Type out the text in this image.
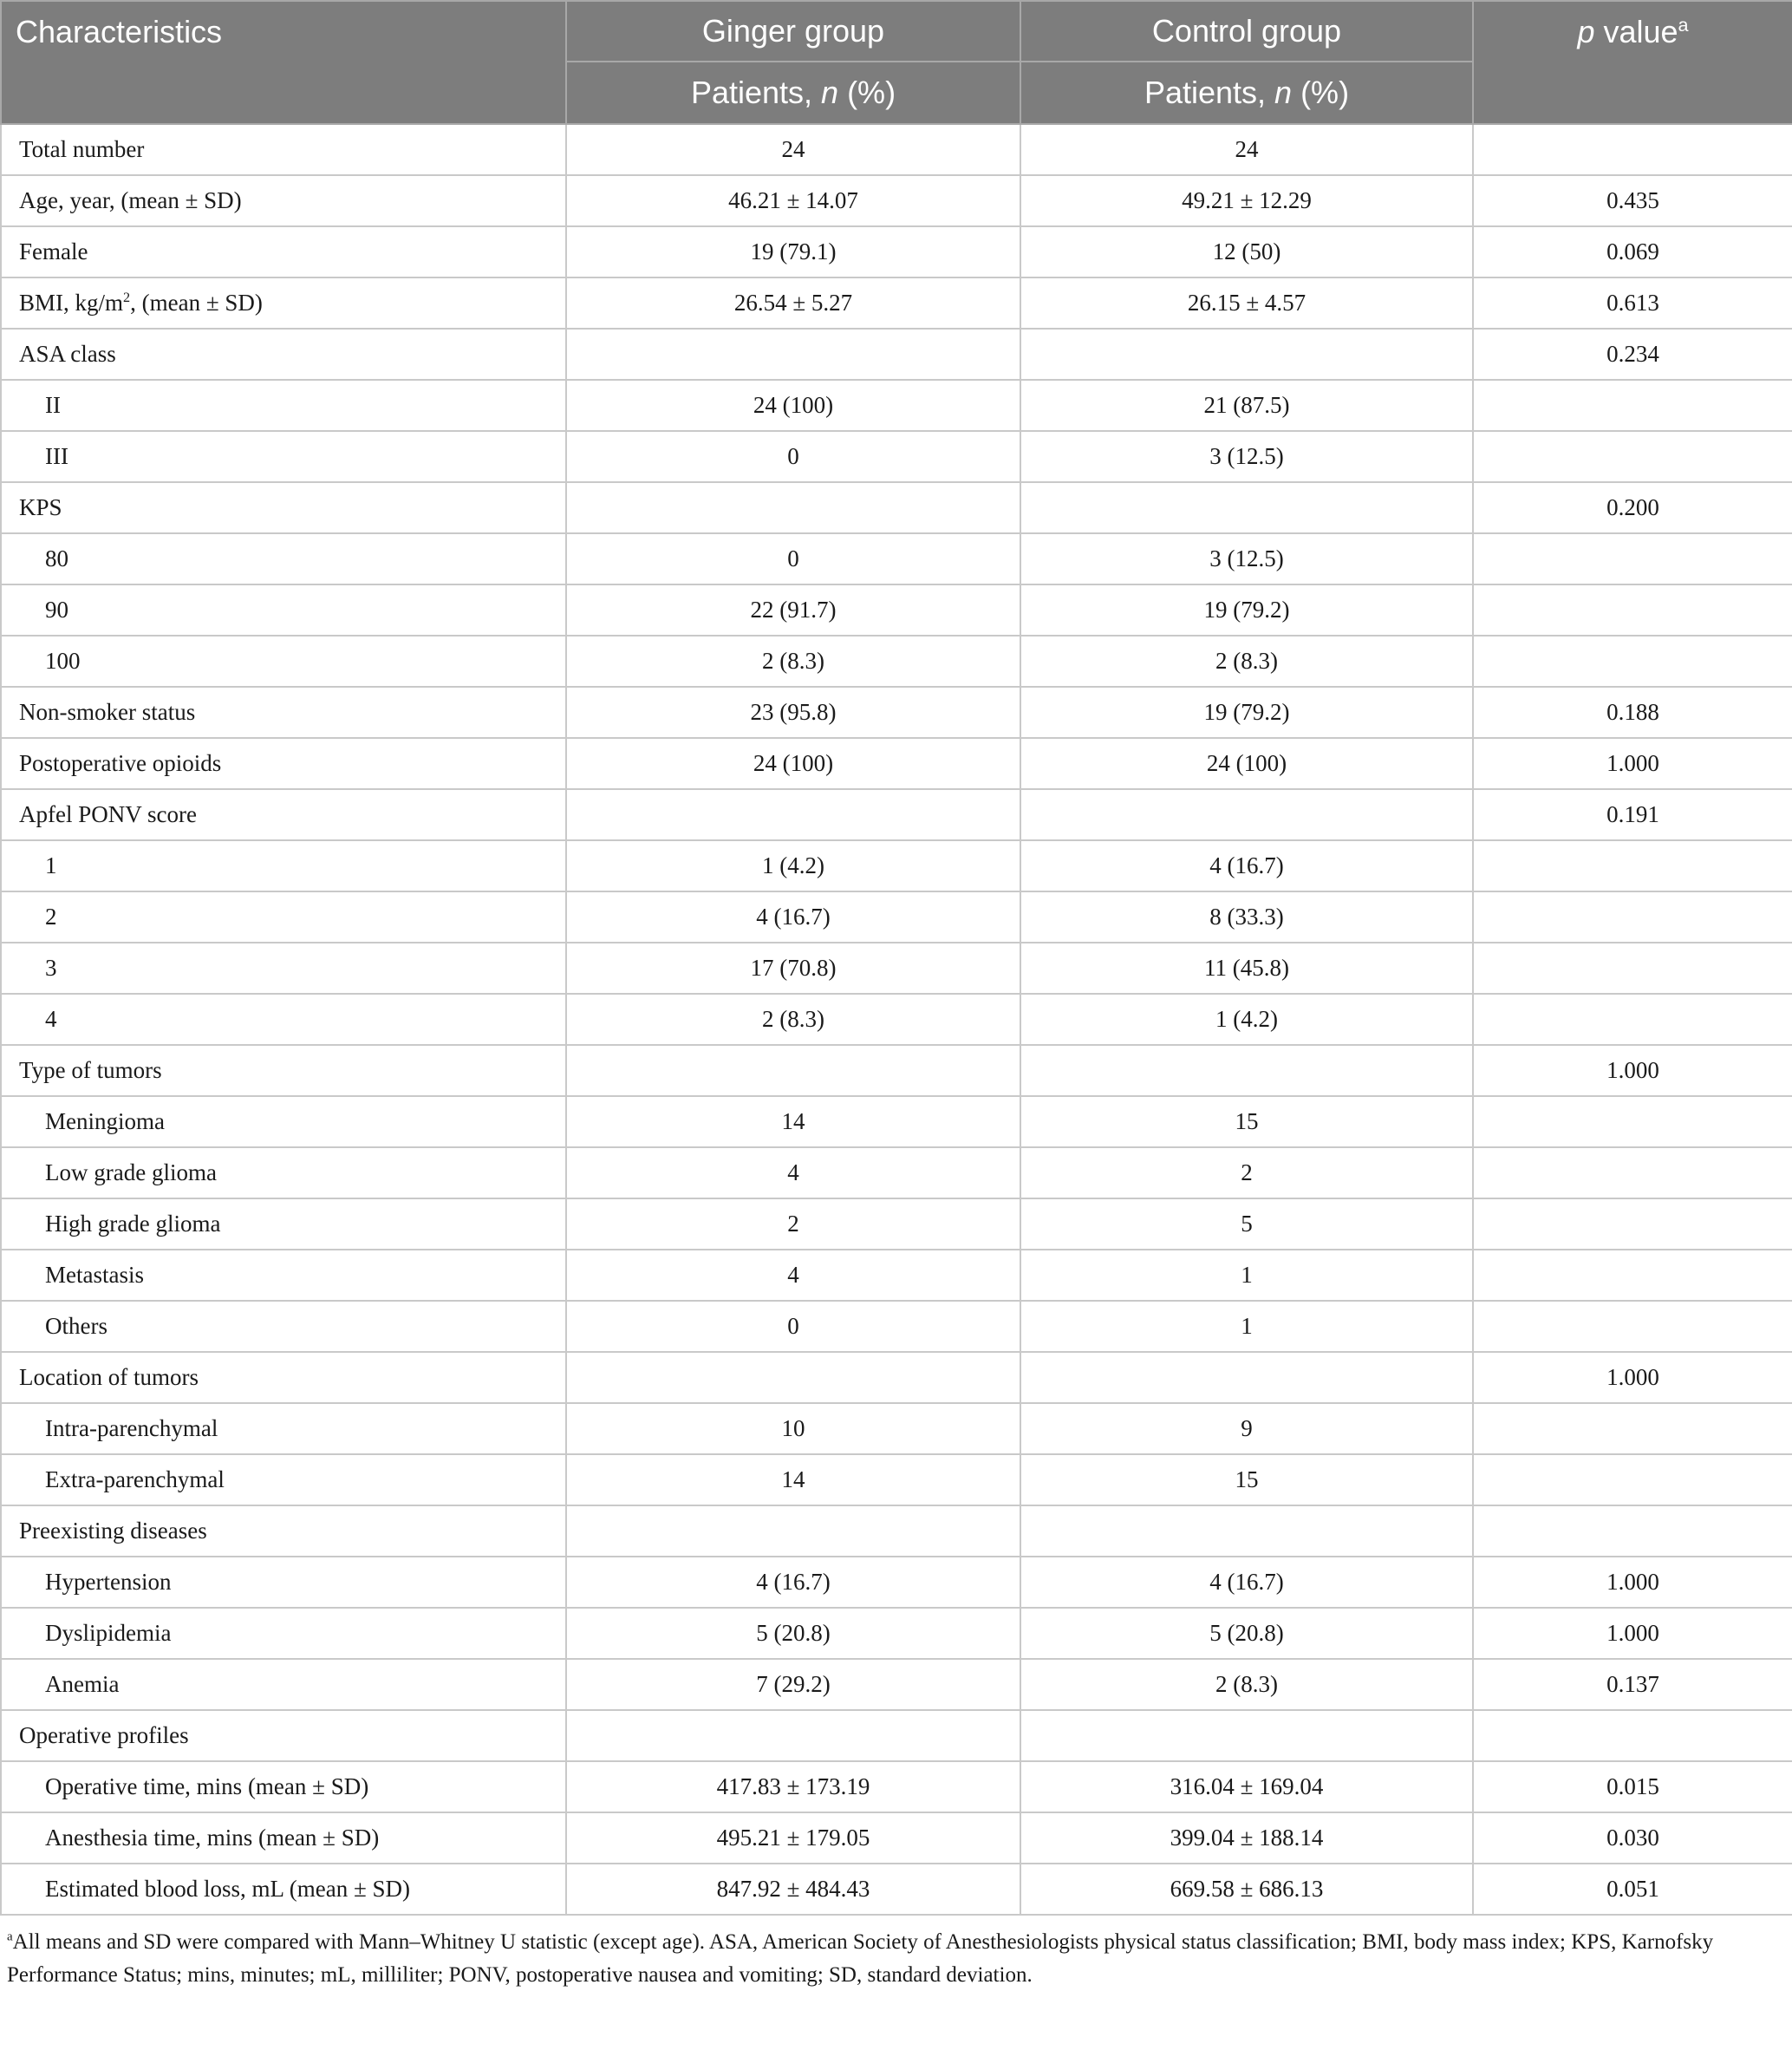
Characteristics	Ginger group	Control group	p value$^a$
	Patients, n (%)	Patients, n (%)	
Total number	24	24	
Age, year, (mean ± SD)	46.21 ± 14.07	49.21 ± 12.29	0.435
Female	19 (79.1)	12 (50)	0.069
BMI, $kg/m^2$, (mean ± SD)	26.54 ± 5.27	26.15 ± 4.57	0.613
ASA class			0.234
II	24 (100)	21 (87.5)	
III	0	3 (12.5)	
KPS			0.200
80	0	3 (12.5)	
90	22 (91.7)	19 (79.2)	
100	2 (8.3)	2 (8.3)	
Non-smoker status	23 (95.8)	19 (79.2)	0.188
Postoperative opioids	24 (100)	24 (100)	1.000
Apfel PONV score			0.191
1	1 (4.2)	4 (16.7)	
2	4 (16.7)	8 (33.3)	
3	17 (70.8)	11 (45.8)	
4	2 (8.3)	1 (4.2)	
Type of tumors			1.000
Meningioma	14	15	
Low grade glioma	4	2	
High grade glioma	2	5	
Metastasis	4	1	
Others	0	1	
Location of tumors			1.000
Intra-parenchymal	10	9	
Extra-parenchymal	14	15	
Preexisting diseases			
Hypertension	4 (16.7)	4 (16.7)	1.000
Dyslipidemia	5 (20.8)	5 (20.8)	1.000
Anemia	7 (29.2)	2 (8.3)	0.137
Operative profiles			
Operative time, mins (mean ± SD)	417.83 ± 173.19	316.04 ± 169.04	0.015
Anesthesia time, mins (mean ± SD)	495.21 ± 179.05	399.04 ± 188.14	0.030
Estimated blood loss, mL (mean ± SD)	847.92 ± 484.43	669.58 ± 686.13	0.051
$^a$All means and SD were compared with Mann–Whitney U statistic (except age). ASA, American Society of Anesthesiologists physical status classification; BMI, body mass index; KPS, Karnofsky Performance Status; mins, minutes; mL, milliliter; PONV, postoperative nausea and vomiting; SD, standard deviation.
